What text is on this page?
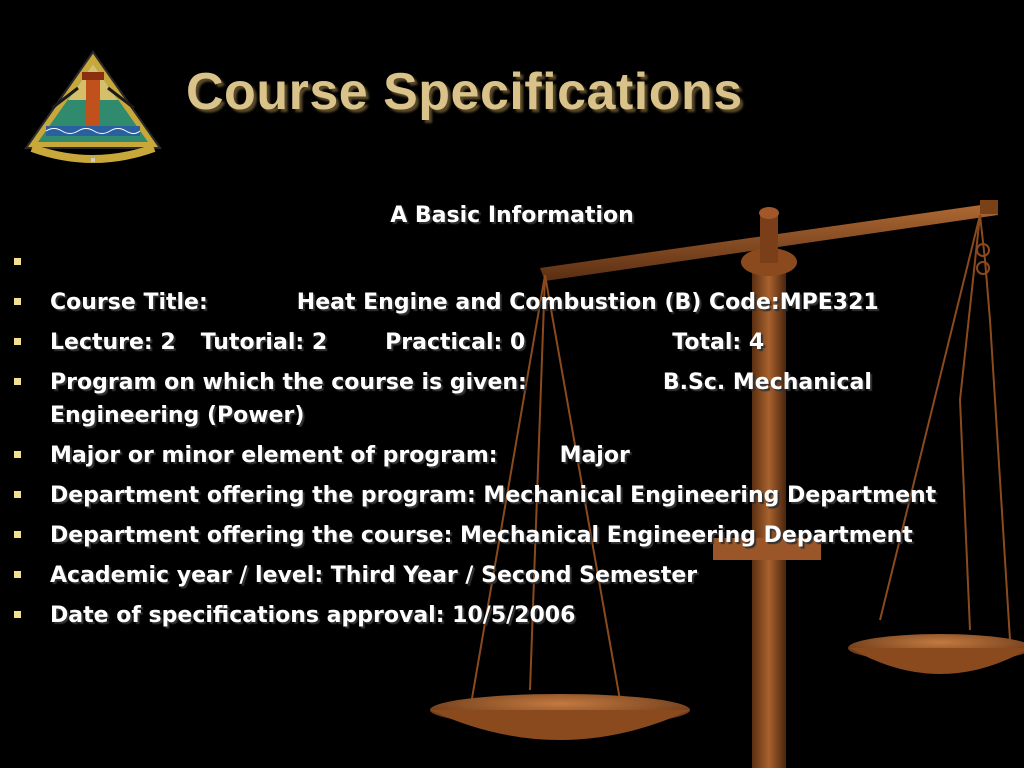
Course Specifications
A Basic Information
Course Title:	Heat Engine and Combustion (B) Code:MPE321
Lecture: 2 Tutorial: 2	Practical: 0	Total: 4
Program on which the course is given:	B.Sc. Mechanical Engineering (Power)
Major or minor element of program:	Major
Department offering the program: Mechanical Engineering Department
Department offering the course: Mechanical Engineering Department
Academic year / level: Third Year / Second Semester
Date of specifications approval: 10/5/2006
